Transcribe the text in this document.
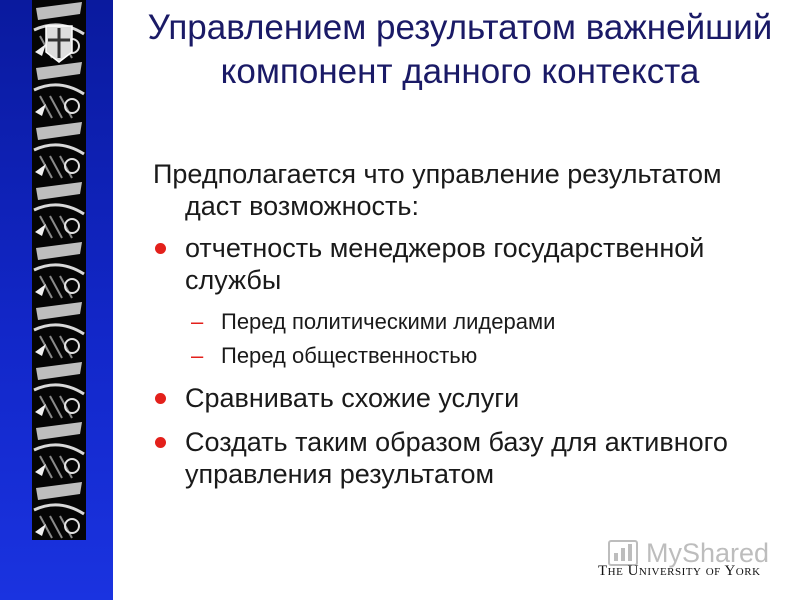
Управлением результатом важнейший компонент данного контекста

Предполагается что управление результатом даст возможность:

отчетность менеджеров государственной службы
– Перед политическими лидерами
– Перед общественностью
Сравнивать схожие услуги
Создать таким образом базу для активного управления результатом
MyShared
The University of York
